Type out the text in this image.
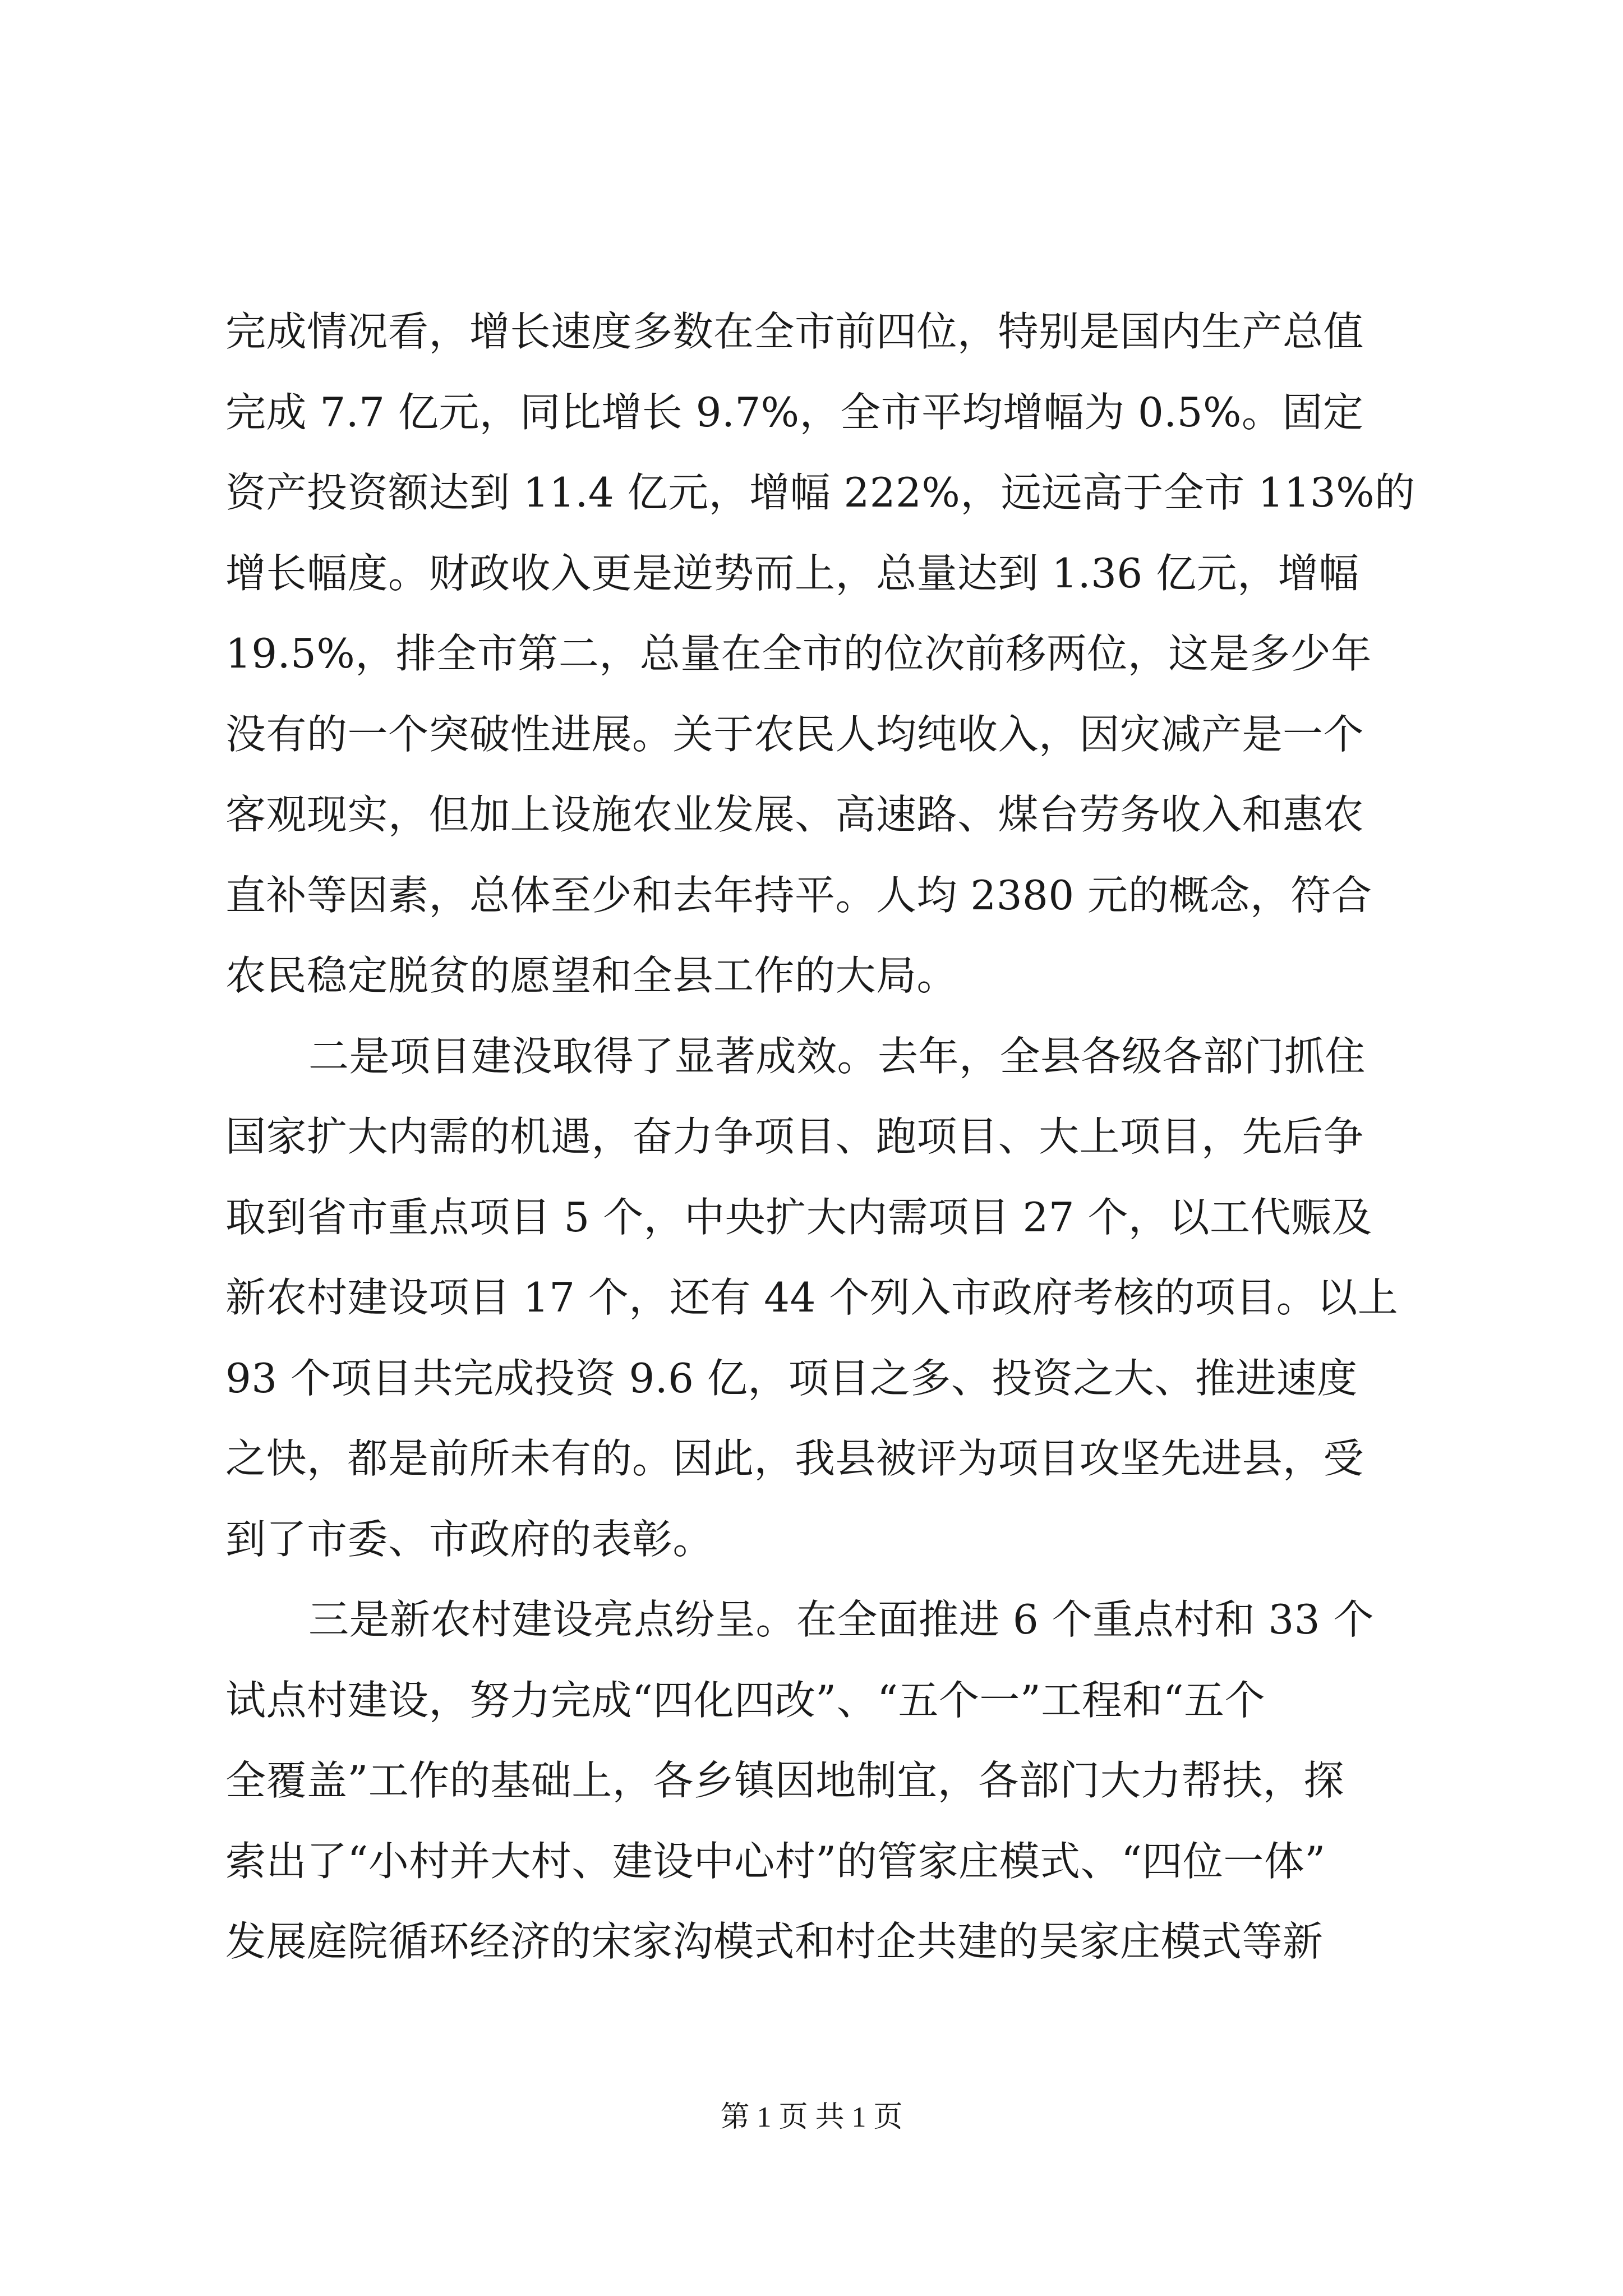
完成情况看，增长速度多数在全市前四位，特别是国内生产总值
完成 7.7 亿元，同比增长 9.7%，全市平均增幅为 0.5%。固定
资产投资额达到 11.4 亿元，增幅 222%，远远高于全市 113%的
增长幅度。财政收入更是逆势而上，总量达到 1.36 亿元，增幅
19.5%，排全市第二，总量在全市的位次前移两位，这是多少年
没有的一个突破性进展。关于农民人均纯收入，因灾减产是一个
客观现实，但加上设施农业发展、高速路、煤台劳务收入和惠农
直补等因素，总体至少和去年持平。人均 2380 元的概念，符合
农民稳定脱贫的愿望和全县工作的大局。
二是项目建没取得了显著成效。去年，全县各级各部门抓住
国家扩大内需的机遇，奋力争项目、跑项目、大上项目，先后争
取到省市重点项目 5 个，中央扩大内需项目 27 个，以工代赈及
新农村建设项目 17 个，还有 44 个列入市政府考核的项目。以上
93 个项目共完成投资 9.6 亿，项目之多、投资之大、推进速度
之快，都是前所未有的。因此，我县被评为项目攻坚先进县，受
到了市委、市政府的表彰。
三是新农村建设亮点纷呈。在全面推进 6 个重点村和 33 个
试点村建设，努力完成“四化四改”、“五个一”工程和“五个
全覆盖”工作的基础上，各乡镇因地制宜，各部门大力帮扶，探
索出了“小村并大村、建设中心村”的管家庄模式、“四位一体”
发展庭院循环经济的宋家沟模式和村企共建的吴家庄模式等新
第 1 页 共 1 页
